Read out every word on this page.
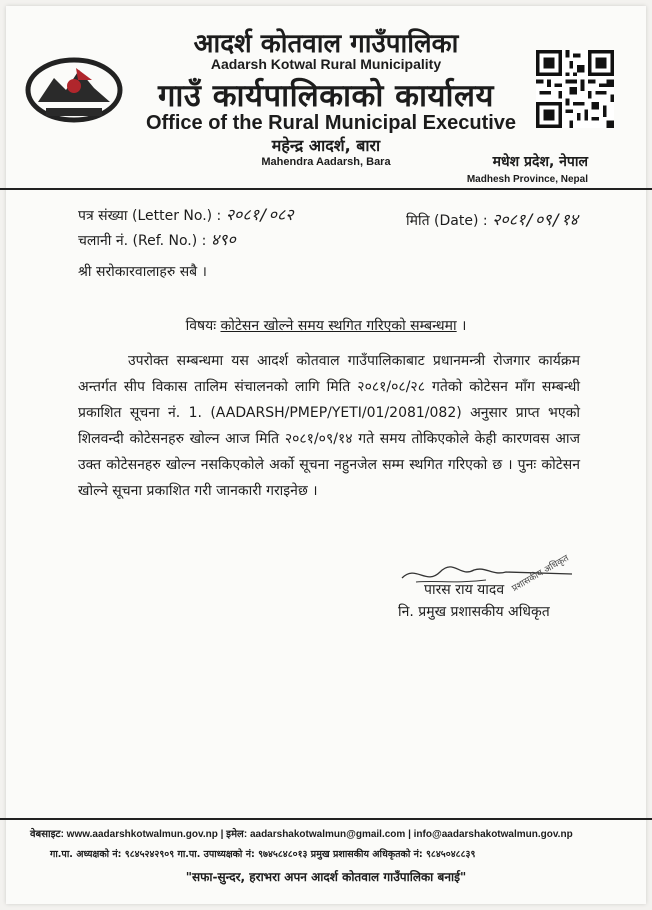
आदर्श कोतवाल गाउँपालिका
Aadarsh Kotwal Rural Municipality
गाउँ कार्यपालिकाको कार्यालय
Office of the Rural Municipal Executive
महेन्द्र आदर्श, बारा
Mahendra Aadarsh, Bara	मधेश प्रदेश, नेपाल
Madhesh Province, Nepal
पत्र संख्या (Letter No.) : २०८१/०८२
चलानी नं. (Ref. No.) : ४९०
मिति (Date) : २०८१/०९/१४
श्री सरोकारवालाहरु सबै ।
विषयः कोटेसन खोल्ने समय स्थगित गरिएको सम्बन्धमा ।
उपरोक्त सम्बन्धमा यस आदर्श कोतवाल गाउँपालिकाबाट प्रधानमन्त्री रोजगार कार्यक्रम अन्तर्गत सीप विकास तालिम संचालनको लागि मिति २०८१/०८/२८ गतेको कोटेसन माँग सम्बन्धी प्रकाशित सूचना नं. 1. (AADARSH/PMEP/YETI/01/2081/082) अनुसार प्राप्त भएको शिलवन्दी कोटेसनहरु खोल्न आज मिति २०८१/०९/१४ गते समय तोकिएकोले केही कारणवस आज उक्त कोटेसनहरु खोल्न नसकिएकोले अर्को सूचना नहुनजेल सम्म स्थगित गरिएको छ । पुनः कोटेसन खोल्ने सूचना प्रकाशित गरी जानकारी गराइनेछ ।
प्रशासकीय अधिकृत
पारस राय यादव
नि. प्रमुख प्रशासकीय अधिकृत
वेबसाइट: www.aadarshkotwalmun.gov.np | इमेल: aadarshakotwalmun@gmail.com | info@aadarshakotwalmun.gov.np
गा.पा. अध्यक्षको नं: ९८४५२४२९०९ गा.पा. उपाध्यक्षको नं: ९७४५८४८०१३ प्रमुख प्रशासकीय अधिकृतको नं: ९८४५०४८८३९
"सफा-सुन्दर, हराभरा अपन आदर्श कोतवाल गाउँपालिका बनाई"
